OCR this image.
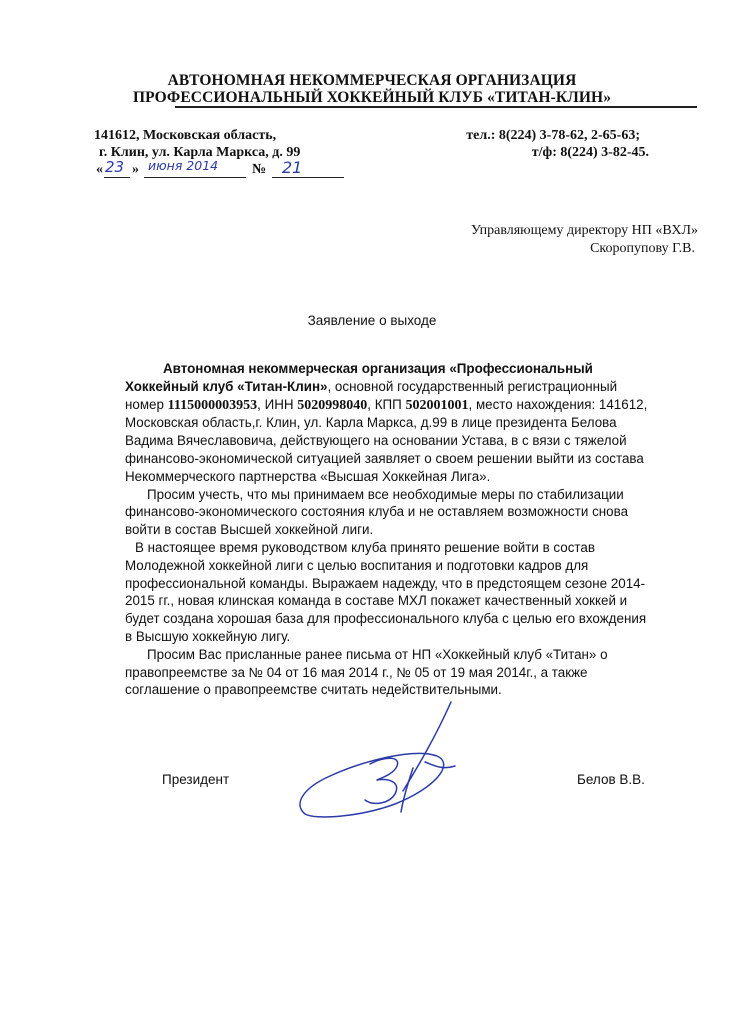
АВТОНОМНАЯ НЕКОММЕРЧЕСКАЯ ОРГАНИЗАЦИЯ
ПРОФЕССИОНАЛЬНЫЙ ХОККЕЙНЫЙ КЛУБ «ТИТАН-КЛИН»
141612, Московская область,
г. Клин, ул. Карла Маркса, д. 99
тел.: 8(224) 3-78-62, 2-65-63;
т/ф: 8(224) 3-82-45.
« 23 » июня 2014 № 21
Управляющему директору НП «ВХЛ»
Скоропупову Г.В.
Заявление о выходе

Автономная некоммерческая организация «Профессиональный Хоккейный клуб «Титан-Клин», основной государственный регистрационный номер 1115000003953, ИНН 5020998040, КПП 502001001, место нахождения: 141612, Московская область,г. Клин, ул. Карла Маркса, д.99 в лице президента Белова Вадима Вячеславовича, действующего на основании Устава, в с вязи с тяжелой финансово-экономической ситуацией заявляет о своем решении выйти из состава Некоммерческого партнерства «Высшая Хоккейная Лига».

Просим учесть, что мы принимаем все необходимые меры по стабилизации финансово-экономического состояния клуба и не оставляем возможности снова войти в состав Высшей хоккейной лиги.

В настоящее время руководством клуба принято решение войти в состав Молодежной хоккейной лиги с целью воспитания и подготовки кадров для профессиональной команды. Выражаем надежду, что в предстоящем сезоне 2014-2015 гг., новая клинская команда в составе МХЛ покажет качественный хоккей и будет создана хорошая база для профессионального клуба с целью его вхождения в Высшую хоккейную лигу.

Просим Вас присланные ранее письма от НП «Хоккейный клуб «Титан» о правопреемстве за № 04 от 16 мая 2014 г., № 05 от 19 мая 2014г., а также соглашение о правопреемстве считать недействительными.

Президент	Белов В.В.
